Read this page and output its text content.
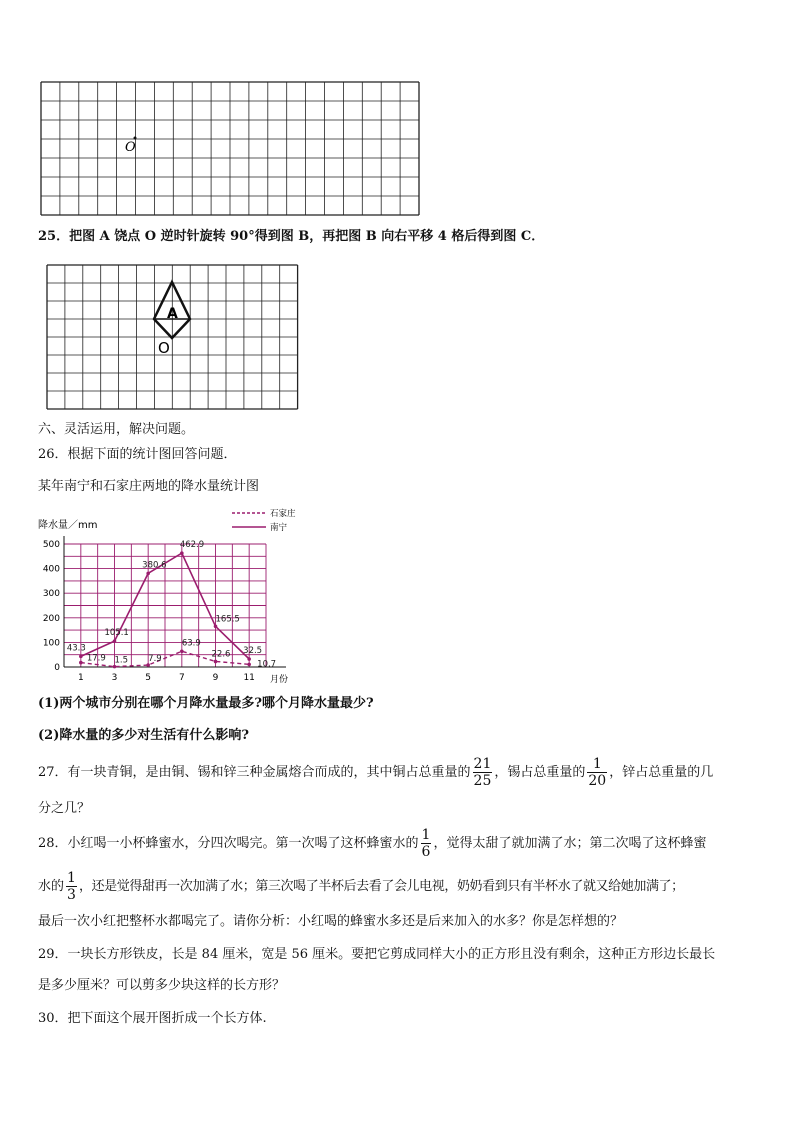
O
25．把图 A 饶点 O 逆时针旋转 90°得到图 B，再把图 B 向右平移 4 格后得到图 C．
A
O
六、灵活运用，解决问题。
26．根据下面的统计图回答问题．
某年南宁和石家庄两地的降水量统计图
降水量／mm
0
100
200
300
400
500
1	3	5	7	9	11
17.9 1.5 7.9
63.9
22.6
10.7
43.3
105.1
380.6
462.9
165.5
32.5
石家庄
南宁
月份
(1)两个城市分别在哪个月降水量最多?哪个月降水量最少?
(2)降水量的多少对生活有什么影响?
27．有一块青铜，是由铜、锡和锌三种金属熔合而成的，其中铜占总重量的 $\frac{21}{25}$ ，锡占总重量的 $\frac{1}{20}$ ，锌占总重量的几
分之几？
28．小红喝一小杯蜂蜜水，分四次喝完。第一次喝了这杯蜂蜜水的 $\frac{1}{6}$ ，觉得太甜了就加满了水；第二次喝了这杯蜂蜜
水的 $\frac{1}{3}$ ，还是觉得甜再一次加满了水；第三次喝了半杯后去看了会儿电视，奶奶看到只有半杯水了就又给她加满了；
最后一次小红把整杯水都喝完了。请你分析：小红喝的蜂蜜水多还是后来加入的水多？你是怎样想的？
29．一块长方形铁皮，长是 84 厘米，宽是 56 厘米。要把它剪成同样大小的正方形且没有剩余，这种正方形边长最长
是多少厘米？可以剪多少块这样的长方形？
30．把下面这个展开图折成一个长方体.
